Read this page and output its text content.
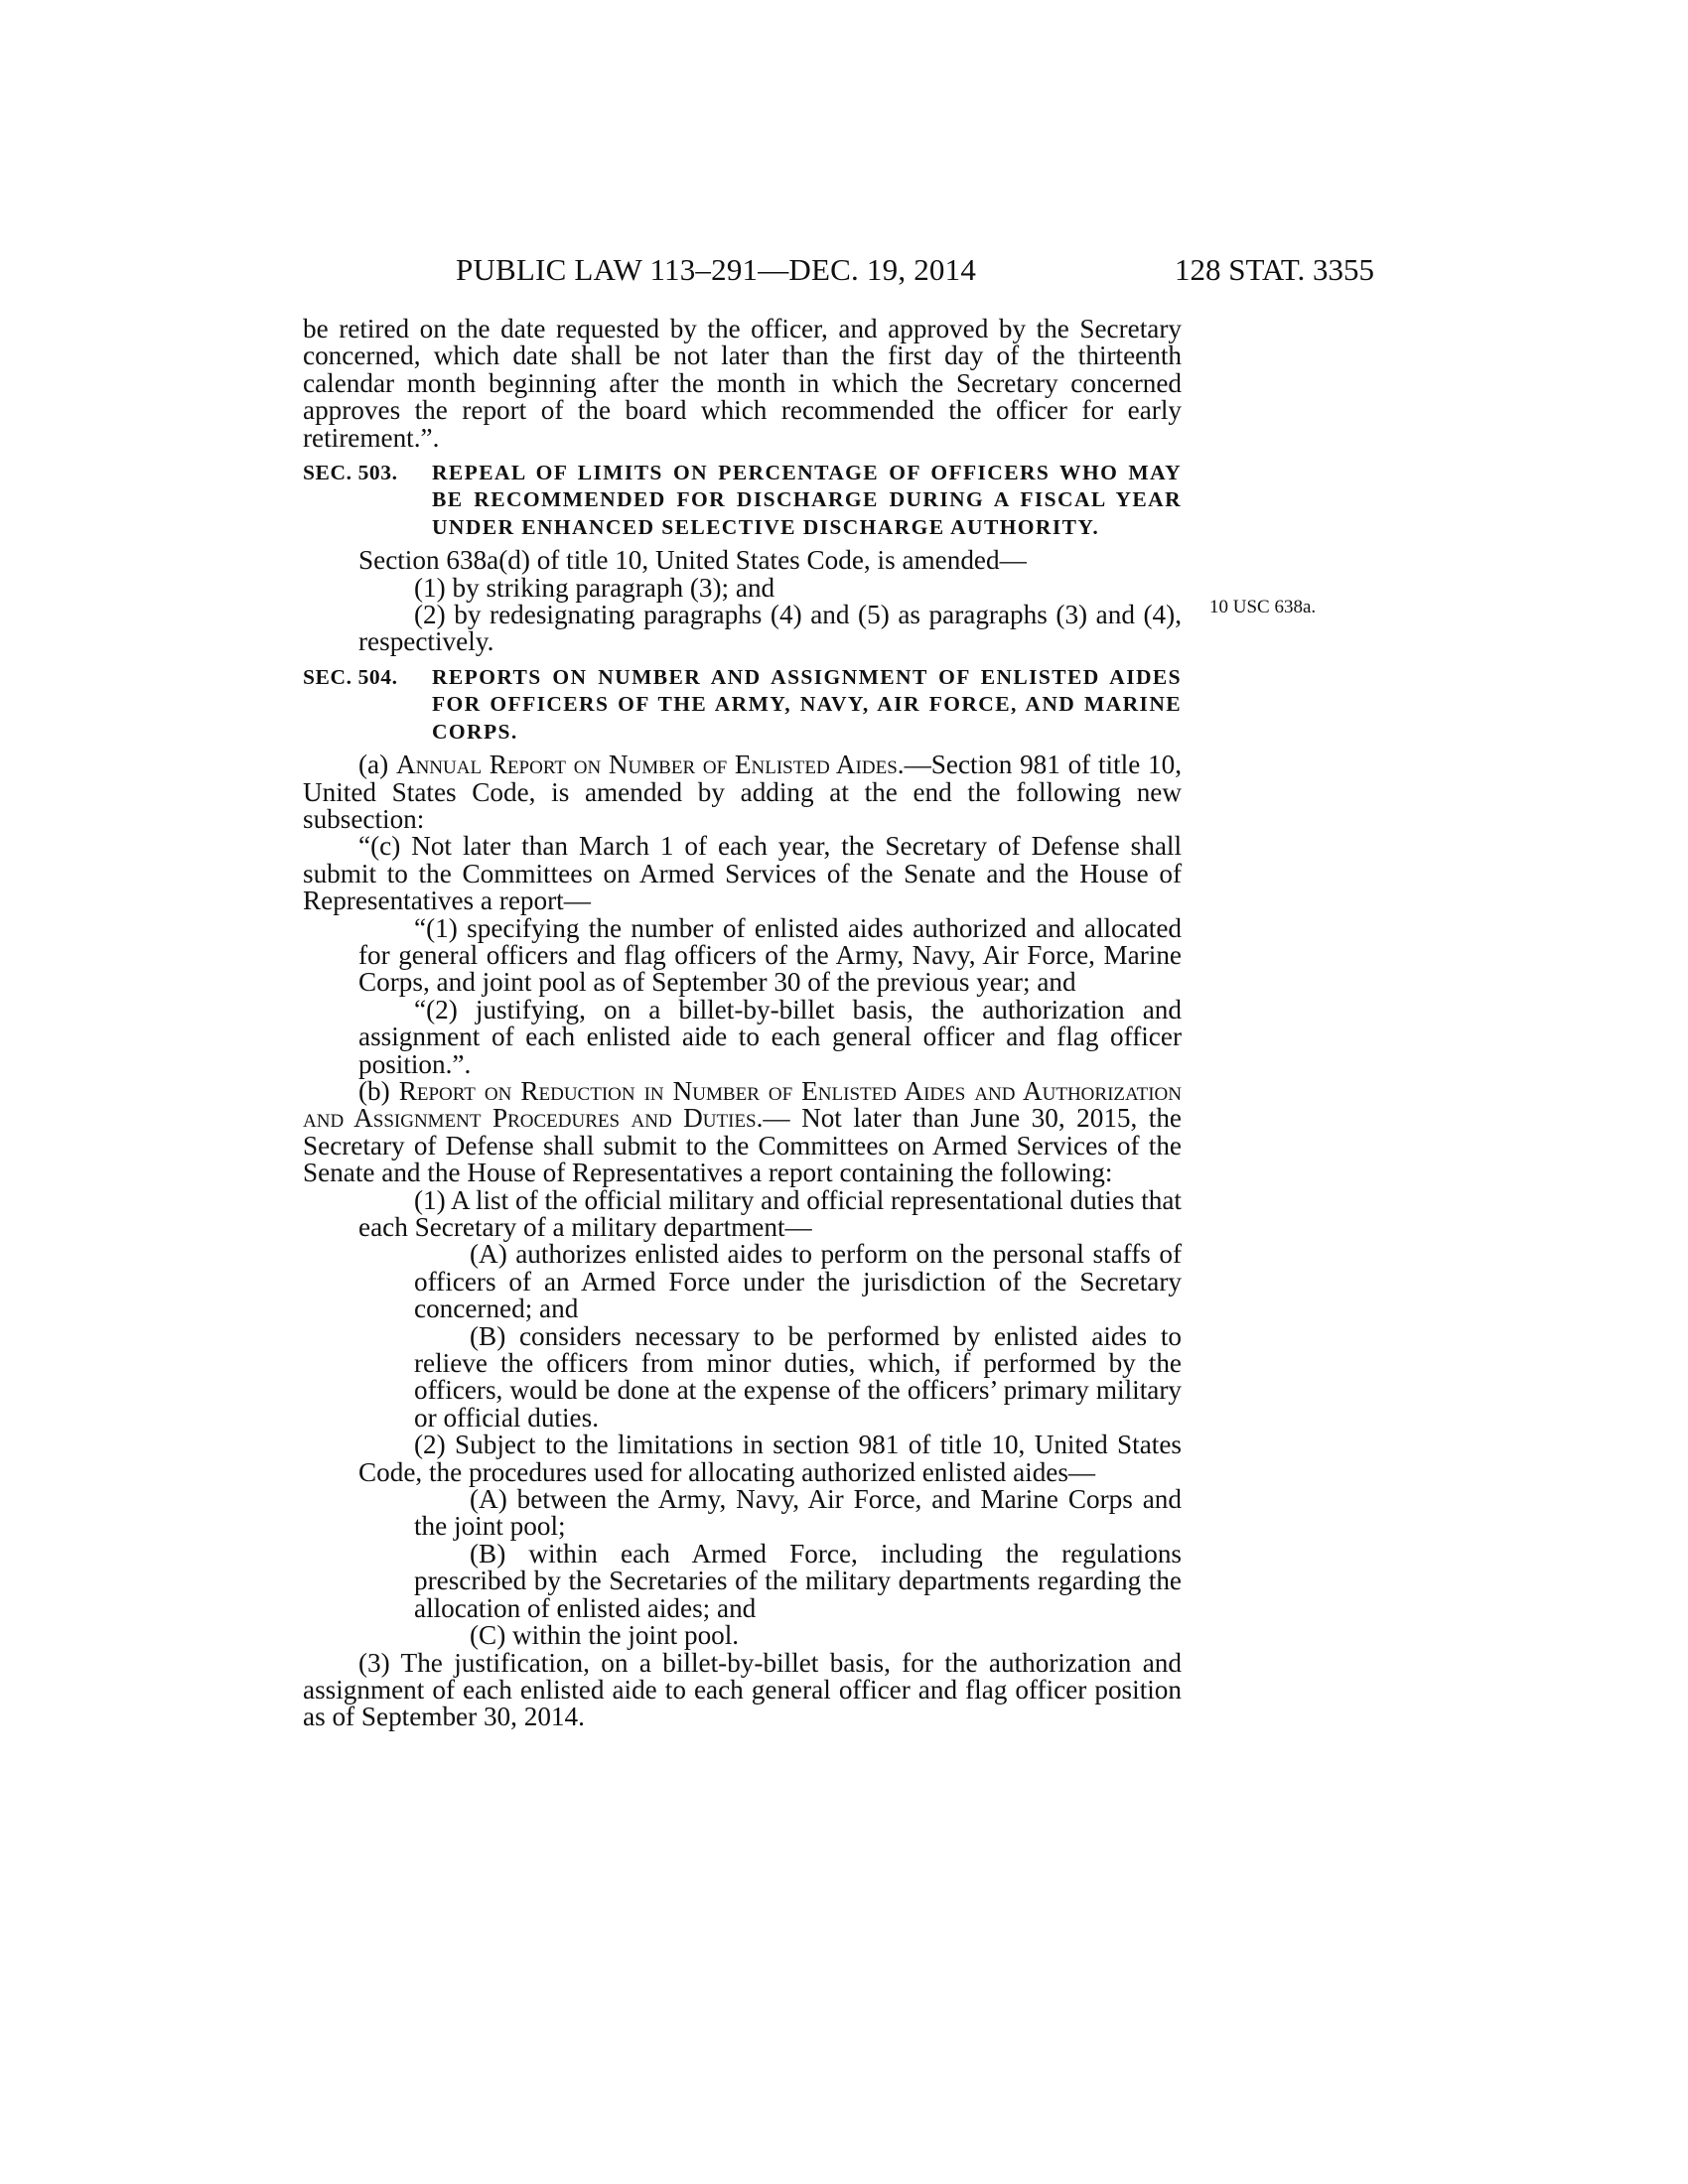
PUBLIC LAW 113–291—DEC. 19, 2014	128 STAT. 3355
10 USC 638a.

be retired on the date requested by the officer, and approved by the Secretary concerned, which date shall be not later than the first day of the thirteenth calendar month beginning after the month in which the Secretary concerned approves the report of the board which recommended the officer for early retirement.”.

SEC. 503. REPEAL OF LIMITS ON PERCENTAGE OF OFFICERS WHO MAY BE RECOMMENDED FOR DISCHARGE DURING A FISCAL YEAR UNDER ENHANCED SELECTIVE DISCHARGE AUTHORITY.

Section 638a(d) of title 10, United States Code, is amended—

(1) by striking paragraph (3); and

(2) by redesignating paragraphs (4) and (5) as paragraphs (3) and (4), respectively.

SEC. 504. REPORTS ON NUMBER AND ASSIGNMENT OF ENLISTED AIDES FOR OFFICERS OF THE ARMY, NAVY, AIR FORCE, AND MARINE CORPS.

(a) Annual Report on Number of Enlisted Aides.—Section 981 of title 10, United States Code, is amended by adding at the end the following new subsection:

“(c) Not later than March 1 of each year, the Secretary of Defense shall submit to the Committees on Armed Services of the Senate and the House of Representatives a report—

“(1) specifying the number of enlisted aides authorized and allocated for general officers and flag officers of the Army, Navy, Air Force, Marine Corps, and joint pool as of September 30 of the previous year; and

“(2) justifying, on a billet-by-billet basis, the authorization and assignment of each enlisted aide to each general officer and flag officer position.”.

(b) Report on Reduction in Number of Enlisted Aides and Authorization and Assignment Procedures and Duties.— Not later than June 30, 2015, the Secretary of Defense shall submit to the Committees on Armed Services of the Senate and the House of Representatives a report containing the following:

(1) A list of the official military and official representational duties that each Secretary of a military department—

(A) authorizes enlisted aides to perform on the personal staffs of officers of an Armed Force under the jurisdiction of the Secretary concerned; and

(B) considers necessary to be performed by enlisted aides to relieve the officers from minor duties, which, if performed by the officers, would be done at the expense of the officers’ primary military or official duties.

(2) Subject to the limitations in section 981 of title 10, United States Code, the procedures used for allocating authorized enlisted aides—

(A) between the Army, Navy, Air Force, and Marine Corps and the joint pool;

(B) within each Armed Force, including the regulations prescribed by the Secretaries of the military departments regarding the allocation of enlisted aides; and

(C) within the joint pool.

(3) The justification, on a billet-by-billet basis, for the authorization and assignment of each enlisted aide to each general officer and flag officer position as of September 30, 2014.
